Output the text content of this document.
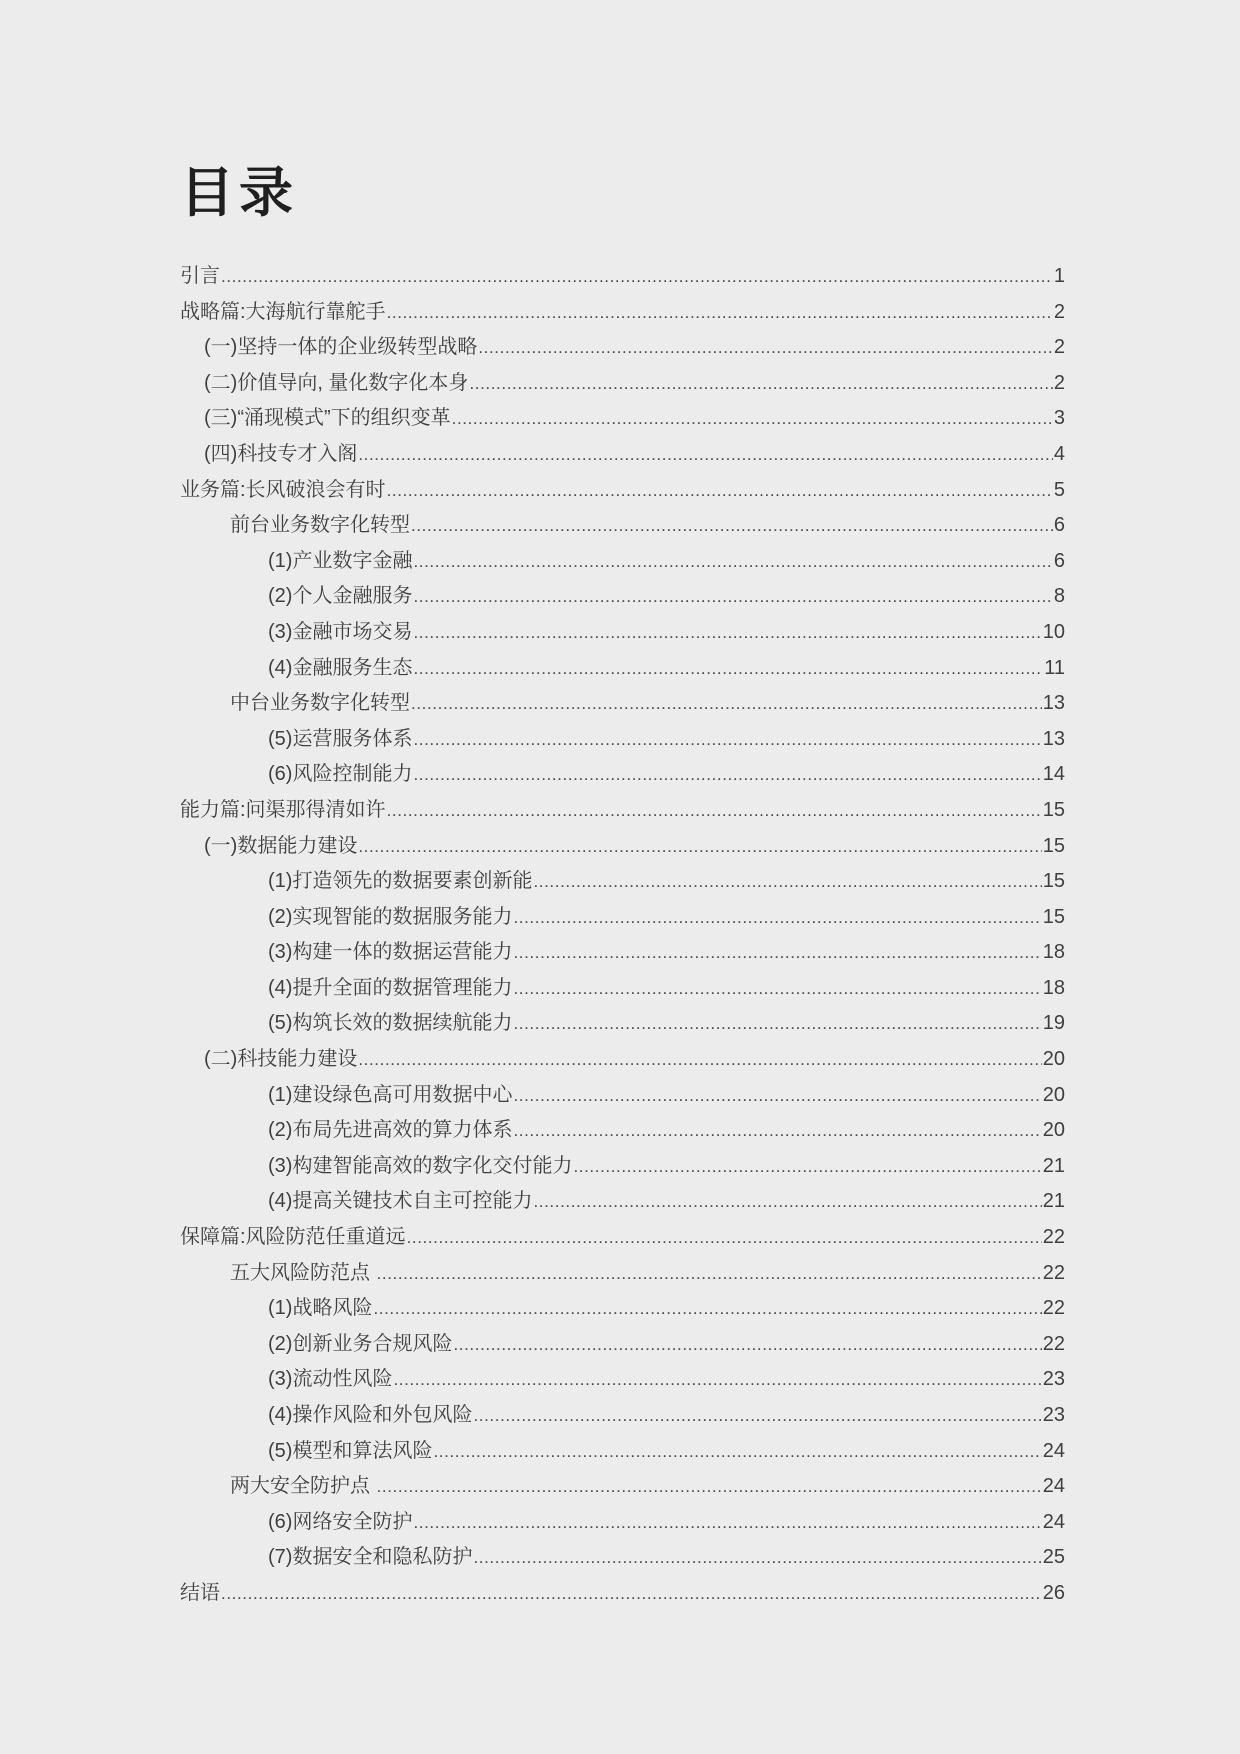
目录
引言 .....	1
战略篇:大海航行靠舵手 .....	2
(一)坚持一体的企业级转型战略 .....	2
(二)价值导向, 量化数字化本身 .....	2
(三)“涌现模式”下的组织变革 .....	3
(四)科技专才入阁 .....	4
业务篇:长风破浪会有时 .....	5
前台业务数字化转型 .....	6
(1)产业数字金融 .....	6
(2)个人金融服务 .....	8
(3)金融市场交易 .....	10
(4)金融服务生态 .....	11
中台业务数字化转型 .....	13
(5)运营服务体系 .....	13
(6)风险控制能力 .....	14
能力篇:问渠那得清如许 .....	15
(一)数据能力建设 .....	15
(1)打造领先的数据要素创新能 .....	15
(2)实现智能的数据服务能力 .....	15
(3)构建一体的数据运营能力 .....	18
(4)提升全面的数据管理能力 .....	18
(5)构筑长效的数据续航能力 .....	19
(二)科技能力建设 .....	20
(1)建设绿色高可用数据中心 .....	20
(2)布局先进高效的算力体系 .....	20
(3)构建智能高效的数字化交付能力 .....	21
(4)提高关键技术自主可控能力 .....	21
保障篇:风险防范任重道远 .....	22
五大风险防范点 .....	22
(1)战略风险 .....	22
(2)创新业务合规风险 .....	22
(3)流动性风险 .....	23
(4)操作风险和外包风险 .....	23
(5)模型和算法风险 .....	24
两大安全防护点 .....	24
(6)网络安全防护 .....	24
(7)数据安全和隐私防护 .....	25
结语 .....	26
